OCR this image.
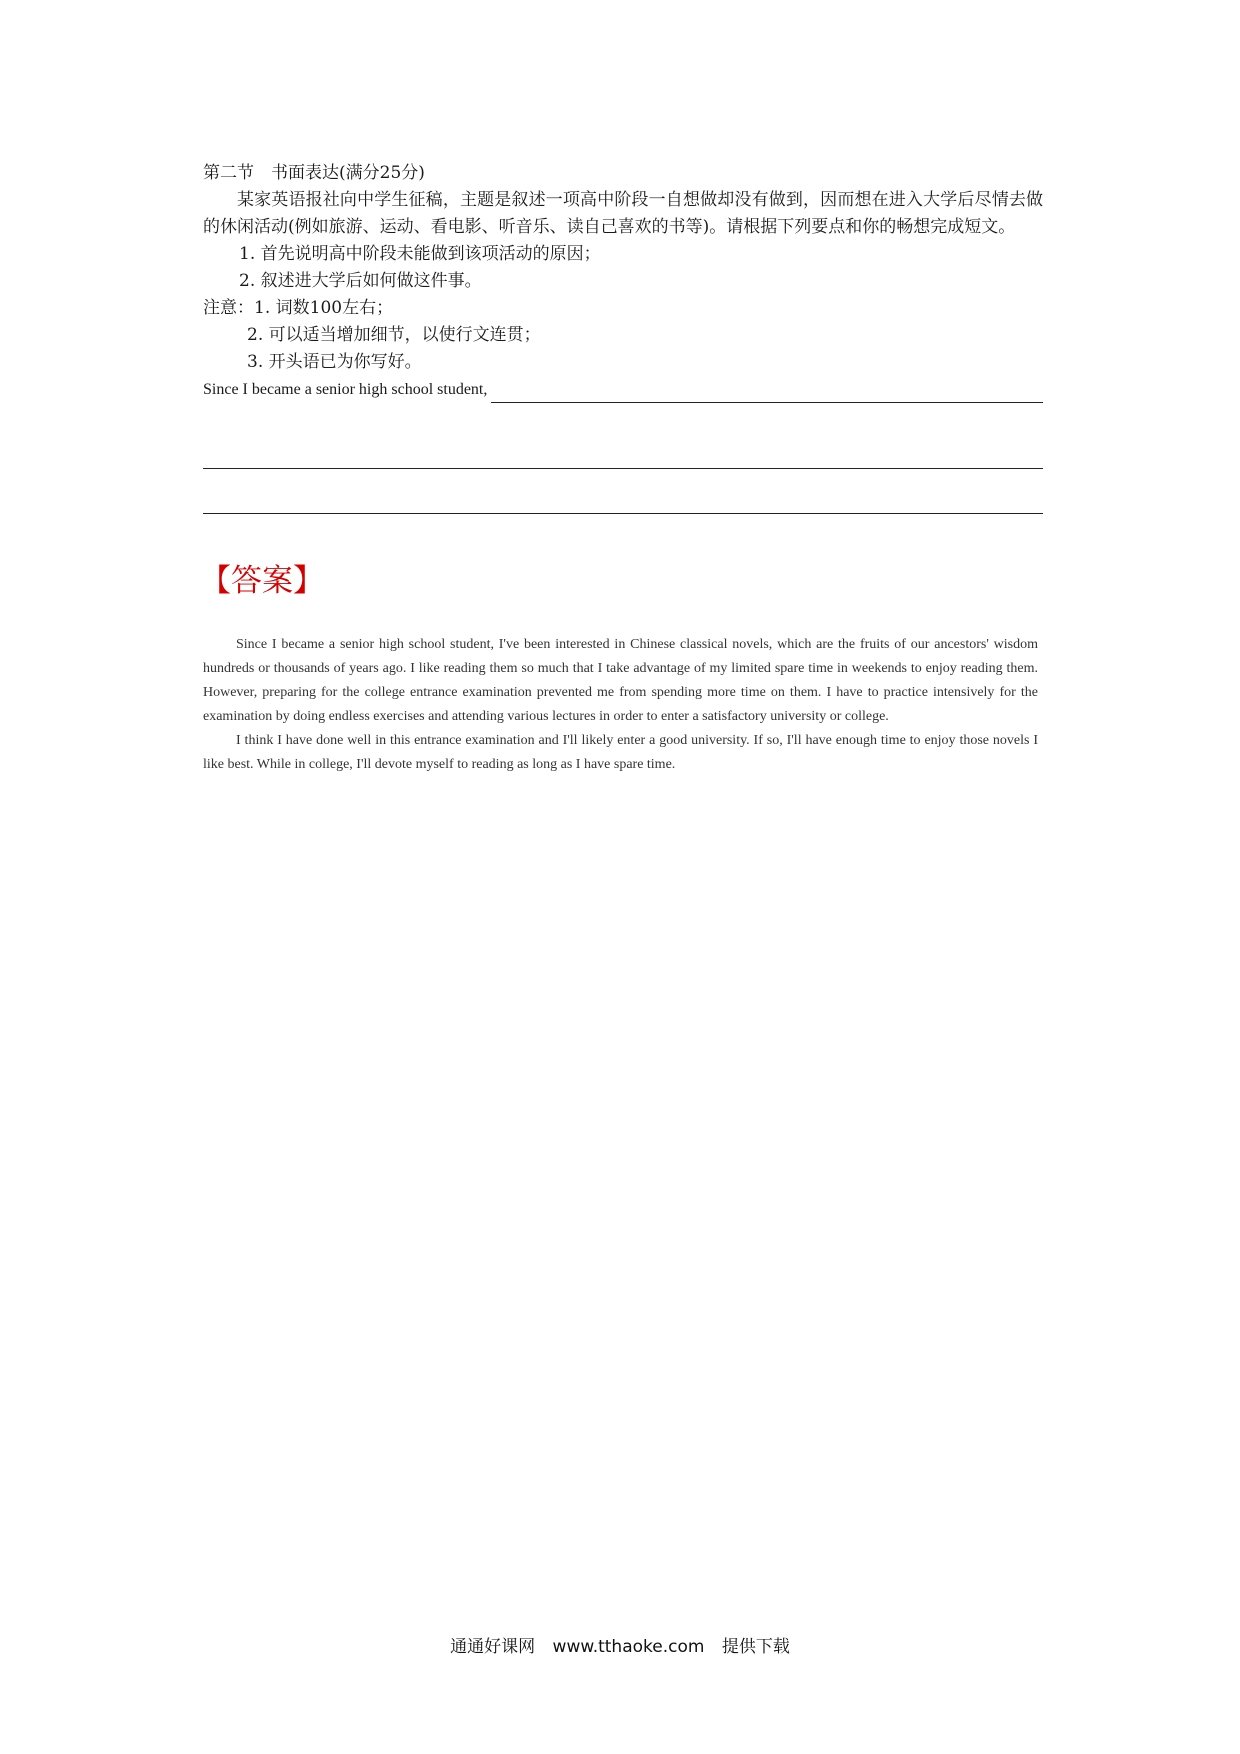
第二节　书面表达(满分25分)
某家英语报社向中学生征稿，主题是叙述一项高中阶段一自想做却没有做到，因而想在进入大学后尽情去做的休闲活动(例如旅游、运动、看电影、听音乐、读自己喜欢的书等)。请根据下列要点和你的畅想完成短文。
1. 首先说明高中阶段未能做到该项活动的原因；
2. 叙述进大学后如何做这件事。
注意：1. 词数100左右；
2. 可以适当增加细节，以使行文连贯；
3. 开头语已为你写好。
Since I became a senior high school student,
【答案】

Since I became a senior high school student, I've been interested in Chinese classical novels, which are the fruits of our ancestors' wisdom hundreds or thousands of years ago. I like reading them so much that I take advantage of my limited spare time in weekends to enjoy reading them. However, preparing for the college entrance examination prevented me from spending more time on them. I have to practice intensively for the examination by doing endless exercises and attending various lectures in order to enter a satisfactory university or college.

I think I have done well in this entrance examination and I'll likely enter a good university. If so, I'll have enough time to enjoy those novels I like best. While in college, I'll devote myself to reading as long as I have spare time.

通通好课网 www.tthaoke.com 提供下载
